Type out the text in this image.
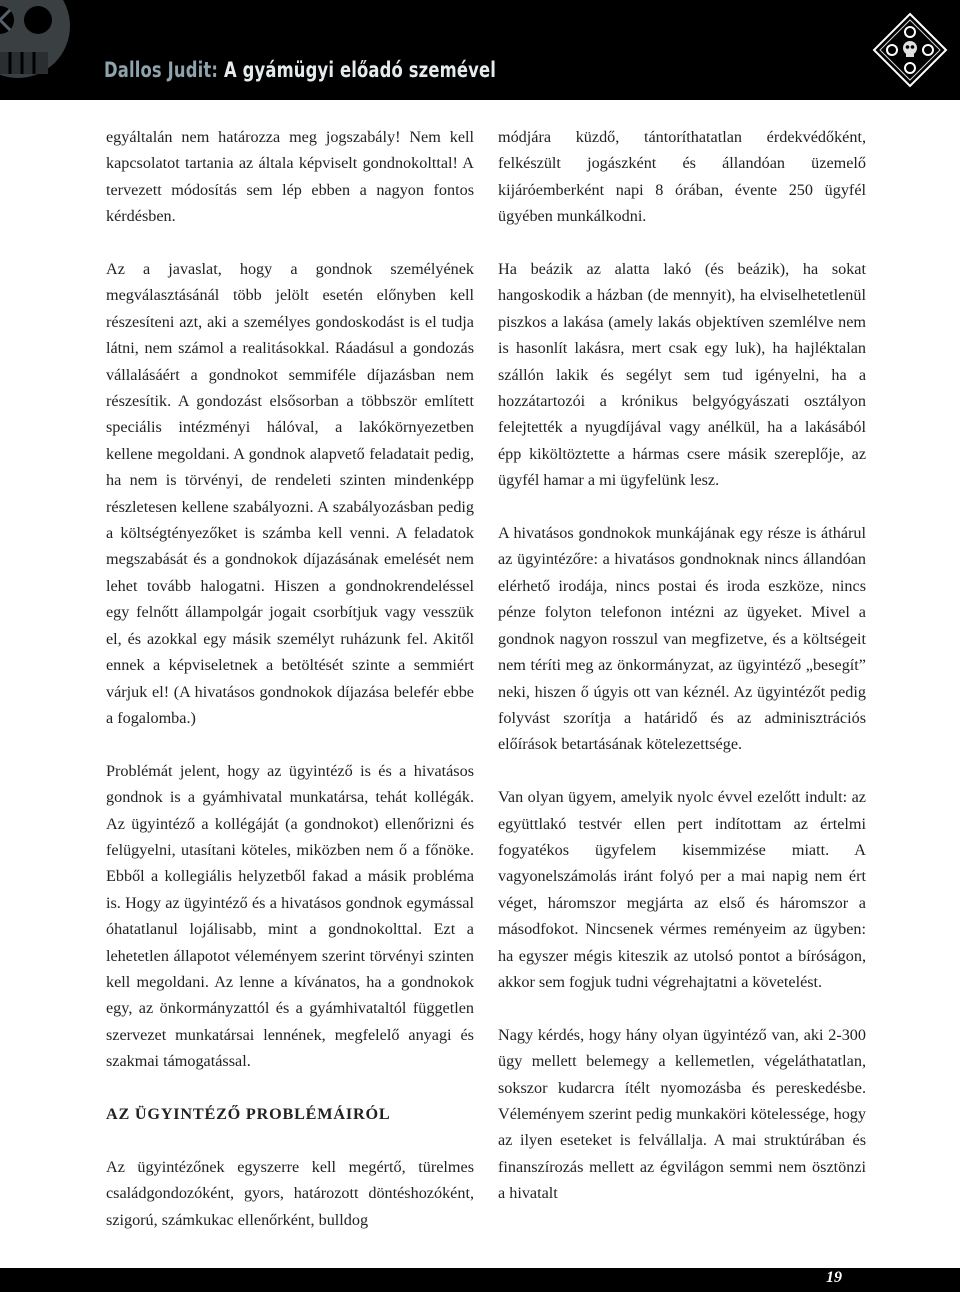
Dallos Judit: A gyámügyi előadó szemével

egyáltalán nem határozza meg jogszabály! Nem kell kapcsolatot tartania az általa képviselt gondnokolttal! A tervezett módosítás sem lép ebben a nagyon fontos kérdésben.

Az a javaslat, hogy a gondnok személyének megválasztásánál több jelölt esetén előnyben kell részesíteni azt, aki a személyes gondoskodást is el tudja látni, nem számol a realitásokkal. Ráadásul a gondozás vállalásáért a gondnokot semmiféle díjazásban nem részesítik. A gondozást elsősorban a többször említett speciális intézményi hálóval, a lakókörnyezetben kellene megoldani. A gondnok alapvető feladatait pedig, ha nem is törvényi, de rendeleti szinten mindenképp részletesen kellene szabályozni. A szabályozásban pedig a költségtényezőket is számba kell venni. A feladatok megszabását és a gondnokok díjazásának emelését nem lehet tovább halogatni. Hiszen a gondnokrendeléssel egy felnőtt állampolgár jogait csorbítjuk vagy vesszük el, és azokkal egy másik személyt ruházunk fel. Akitől ennek a képviseletnek a betöltését szinte a semmiért várjuk el! (A hivatásos gondnokok díjazása belefér ebbe a fogalomba.)

Problémát jelent, hogy az ügyintéző is és a hivatásos gondnok is a gyámhivatal munkatársa, tehát kollégák. Az ügyintéző a kollégáját (a gondnokot) ellenőrizni és felügyelni, utasítani köteles, miközben nem ő a főnöke. Ebből a kollegiális helyzetből fakad a másik probléma is. Hogy az ügyintéző és a hivatásos gondnok egymással óhatatlanul lojálisabb, mint a gondnokolttal. Ezt a lehetetlen állapotot véleményem szerint törvényi szinten kell megoldani. Az lenne a kívánatos, ha a gondnokok egy, az önkormányzattól és a gyámhivataltól független szervezet munkatársai lennének, megfelelő anyagi és szakmai támogatással.

AZ ÜGYINTÉZŐ PROBLÉMÁIRÓL

Az ügyintézőnek egyszerre kell megértő, türelmes családgondozóként, gyors, határozott döntéshozóként, szigorú, számkukac ellenőrként, bulldog

módjára küzdő, tántoríthatatlan érdekvédőként, felkészült jogászként és állandóan üzemelő kijáróemberként napi 8 órában, évente 250 ügyfél ügyében munkálkodni.

Ha beázik az alatta lakó (és beázik), ha sokat hangoskodik a házban (de mennyit), ha elviselhetetlenül piszkos a lakása (amely lakás objektíven szemlélve nem is hasonlít lakásra, mert csak egy luk), ha hajléktalan szállón lakik és segélyt sem tud igényelni, ha a hozzátartozói a krónikus belgyógyászati osztályon felejtették a nyugdíjával vagy anélkül, ha a lakásából épp kiköltöztette a hármas csere másik szereplője, az ügyfél hamar a mi ügyfelünk lesz.

A hivatásos gondnokok munkájának egy része is áthárul az ügyintézőre: a hivatásos gondnoknak nincs állandóan elérhető irodája, nincs postai és iroda eszköze, nincs pénze folyton telefonon intézni az ügyeket. Mivel a gondnok nagyon rosszul van megfizetve, és a költségeit nem téríti meg az önkormányzat, az ügyintéző „besegít” neki, hiszen ő úgyis ott van kéznél. Az ügyintézőt pedig folyvást szorítja a határidő és az adminisztrációs előírások betartásának kötelezettsége.

Van olyan ügyem, amelyik nyolc évvel ezelőtt indult: az együttlakó testvér ellen pert indítottam az értelmi fogyatékos ügyfelem kisemmizése miatt. A vagyonelszámolás iránt folyó per a mai napig nem ért véget, háromszor megjárta az első és háromszor a másodfokot. Nincsenek vérmes reményeim az ügyben: ha egyszer mégis kiteszik az utolsó pontot a bíróságon, akkor sem fogjuk tudni végrehajtatni a követelést.

Nagy kérdés, hogy hány olyan ügyintéző van, aki 2-300 ügy mellett belemegy a kellemetlen, végeláthatatlan, sokszor kudarcra ítélt nyomozásba és pereskedésbe. Véleményem szerint pedig munkaköri kötelessége, hogy az ilyen eseteket is felvállalja. A mai struktúrában és finanszírozás mellett az égvilágon semmi nem ösztönzi a hivatalt

19
